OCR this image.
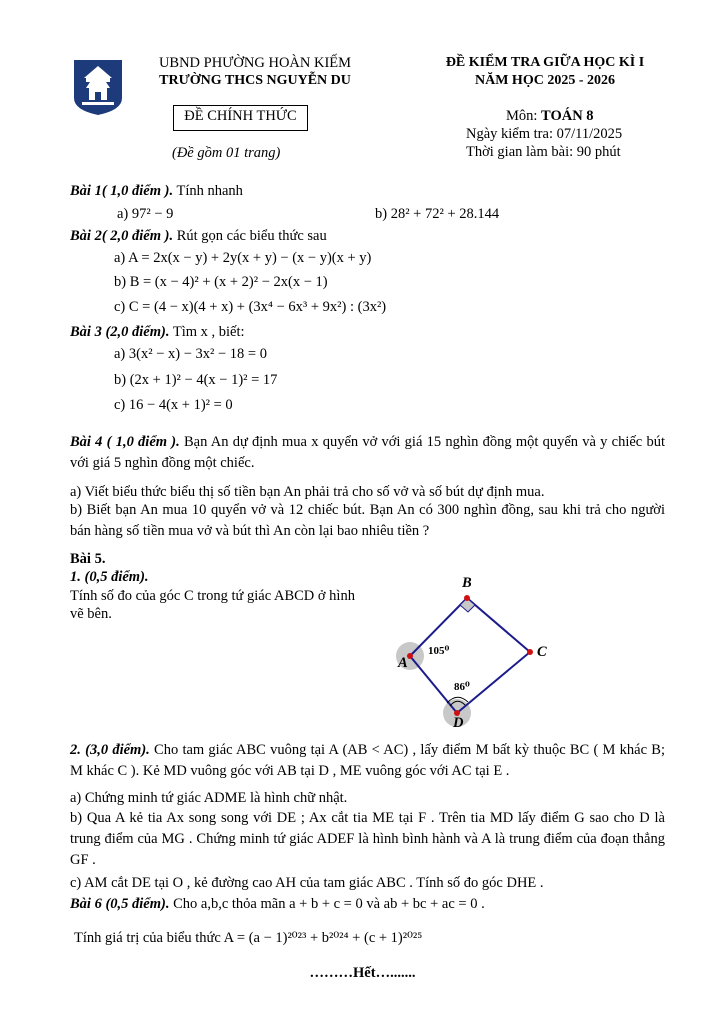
UBND PHƯỜNG HOÀN KIẾM
TRƯỜNG THCS NGUYỄN DU
ĐỀ CHÍNH THỨC
(Đề gồm 01 trang)
ĐỀ KIỂM TRA GIỮA HỌC KÌ I
NĂM HỌC 2025 - 2026
Môn: TOÁN 8
Ngày kiểm tra: 07/11/2025
Thời gian làm bài: 90 phút
Bài 1( 1,0 điểm ). Tính nhanh
a) 97² − 9	b) 28² + 72² + 28.144
Bài 2( 2,0 điểm ). Rút gọn các biểu thức sau
a) A = 2x(x − y) + 2y(x + y) − (x − y)(x + y)
b) B = (x − 4)² + (x + 2)² − 2x(x − 1)
c) C = (4 − x)(4 + x) + (3x⁴ − 6x³ + 9x²) : (3x²)
Bài 3 (2,0 điểm). Tìm x , biết:
a) 3(x² − x) − 3x² − 18 = 0
b) (2x + 1)² − 4(x − 1)² = 17
c) 16 − 4(x + 1)² = 0
Bài 4 ( 1,0 điểm ). Bạn An dự định mua x quyển vở với giá 15 nghìn đồng một quyển và y chiếc bút với giá 5 nghìn đồng một chiếc.
a) Viết biểu thức biểu thị số tiền bạn An phải trả cho số vở và số bút dự định mua.
b) Biết bạn An mua 10 quyển vở và 12 chiếc bút. Bạn An có 300 nghìn đồng, sau khi trả cho người bán hàng số tiền mua vở và bút thì An còn lại bao nhiêu tiền ?
Bài 5.
1. (0,5 điểm).
Tính số đo của góc C trong tứ giác ABCD ở hình vẽ bên.
B
A
C
D
105⁰
86⁰
2. (3,0 điểm). Cho tam giác ABC vuông tại A (AB < AC) , lấy điểm M bất kỳ thuộc BC ( M khác B; M khác C ). Kẻ MD vuông góc với AB tại D , ME vuông góc với AC tại E .
a) Chứng minh tứ giác ADME là hình chữ nhật.
b) Qua A kẻ tia Ax song song với DE ; Ax cắt tia ME tại F . Trên tia MD lấy điểm G sao cho D là trung điểm của MG . Chứng minh tứ giác ADEF là hình bình hành và A là trung điểm của đoạn thẳng GF .
c) AM cắt DE tại O , kẻ đường cao AH của tam giác ABC . Tính số đo góc DHE .
Bài 6 (0,5 điểm). Cho a,b,c thỏa mãn a + b + c = 0 và ab + bc + ac = 0 .
Tính giá trị của biểu thức A = (a − 1)²⁰²³ + b²⁰²⁴ + (c + 1)²⁰²⁵
………Hết….......
